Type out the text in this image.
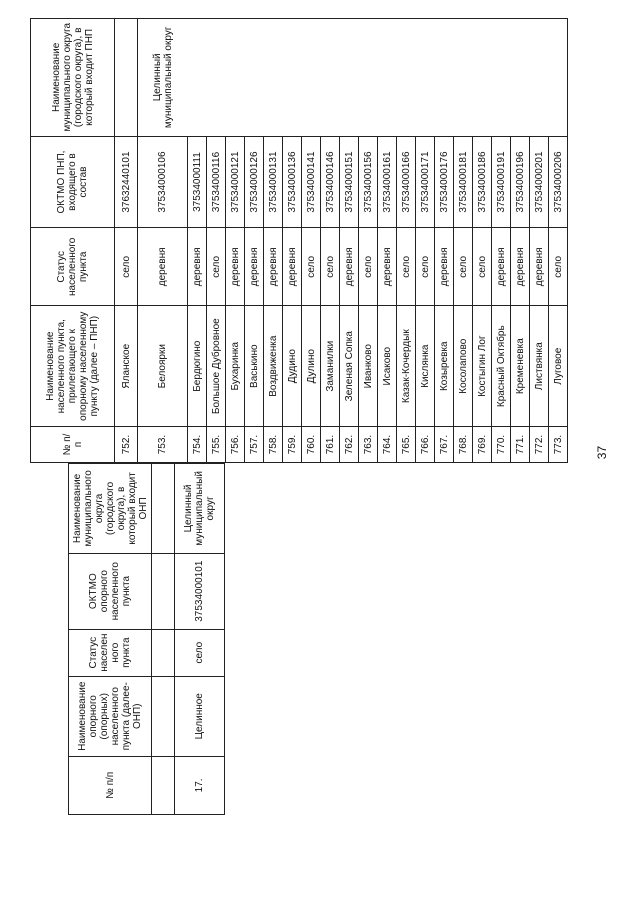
37
№ п/п	Наименование опорного (опорных) населенного пункта (далее- ОНП)	Статус населен ного пункта	ОКТМО опорного населенного пункта	Наименование муниципального округа (городского округа), в который входит ОНП

17.	Целинное	село	37534000101	Целинный муниципальный округ
№ п/п	Наименование населенного пункта, прилегающего к опорному населенному пункту (далее – ПНП)	Статус населенного пункта	ОКТМО ПНП, входящего в состав	Наименование муниципального округа (городского округа), в который входит ПНП
752.	Яланское	село	37632440101	
753.	Белоярки	деревня	37534000106	Целинный муниципальный округ
754.	Бердюгино	деревня	37534000111	
755.	Большое Дубровное	село	37534000116	
756.	Бухаринка	деревня	37534000121	
757.	Васькино	деревня	37534000126	
758.	Воздвиженка	деревня	37534000131	
759.	Дудино	деревня	37534000136	
760.	Дулино	село	37534000141	
761.	Заманилки	село	37534000146	
762.	Зеленая Сопка	деревня	37534000151	
763.	Иванково	село	37534000156	
764.	Исаково	деревня	37534000161	
765.	Казак-Кочердык	село	37534000166	
766.	Кислянка	село	37534000171	
767.	Козыревка	деревня	37534000176	
768.	Косолапово	село	37534000181	
769.	Костыгин Лог	село	37534000186	
770.	Красный Октябрь	деревня	37534000191	
771.	Кременевка	деревня	37534000196	
772.	Листвянка	деревня	37534000201	
773.	Луговое	село	37534000206	
